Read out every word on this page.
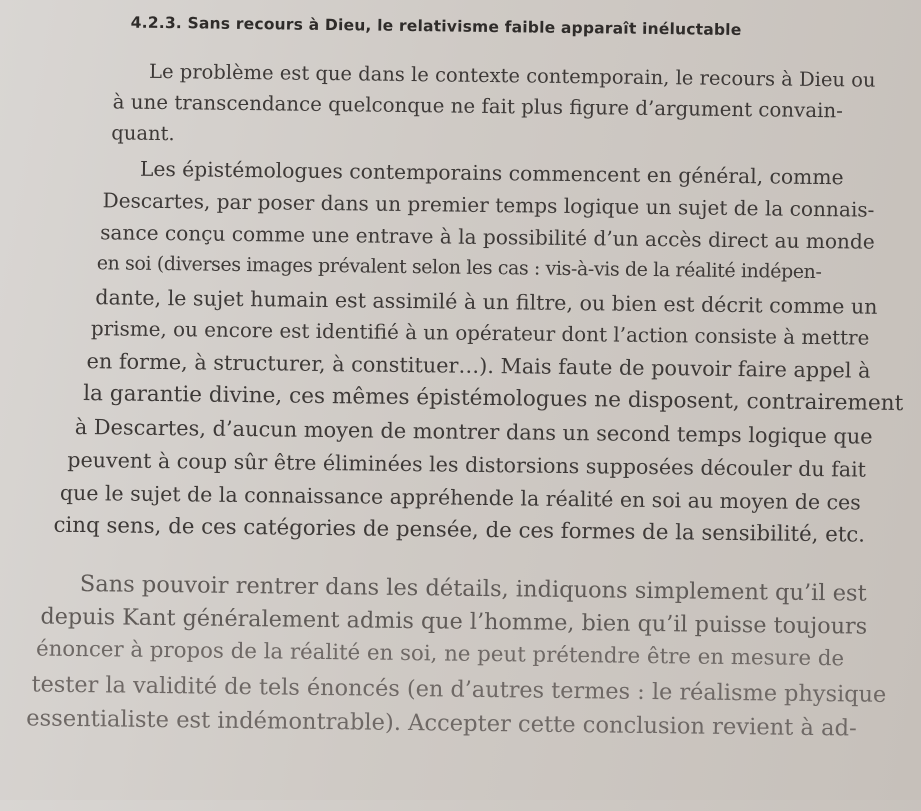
4.2.3. Sans recours à Dieu, le relativisme faible apparaît inéluctable
Le problème est que dans le contexte contemporain, le recours à Dieu ou
à une transcendance quelconque ne fait plus figure d’argument convain-
quant.
Les épistémologues contemporains commencent en général, comme
Descartes, par poser dans un premier temps logique un sujet de la connais-
sance conçu comme une entrave à la possibilité d’un accès direct au monde
en soi (diverses images prévalent selon les cas : vis-à-vis de la réalité indépen-
dante, le sujet humain est assimilé à un filtre, ou bien est décrit comme un
prisme, ou encore est identifié à un opérateur dont l’action consiste à mettre
en forme, à structurer, à constituer…). Mais faute de pouvoir faire appel à
la garantie divine, ces mêmes épistémologues ne disposent, contrairement
à Descartes, d’aucun moyen de montrer dans un second temps logique que
peuvent à coup sûr être éliminées les distorsions supposées découler du fait
que le sujet de la connaissance appréhende la réalité en soi au moyen de ces
cinq sens, de ces catégories de pensée, de ces formes de la sensibilité, etc.
Sans pouvoir rentrer dans les détails, indiquons simplement qu’il est
depuis Kant généralement admis que l’homme, bien qu’il puisse toujours
énoncer à propos de la réalité en soi, ne peut prétendre être en mesure de
tester la validité de tels énoncés (en d’autres termes : le réalisme physique
essentialiste est indémontrable). Accepter cette conclusion revient à ad-
